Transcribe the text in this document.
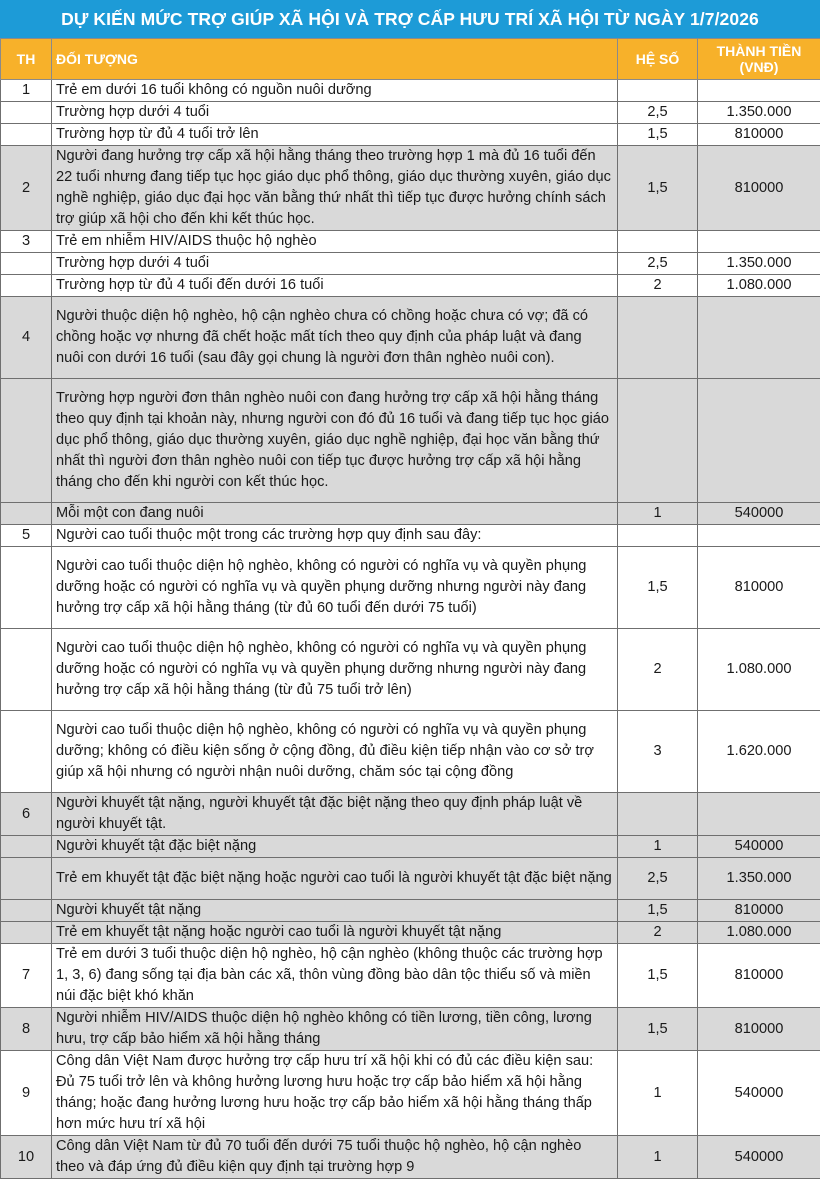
DỰ KIẾN MỨC TRỢ GIÚP XÃ HỘI VÀ TRỢ CẤP HƯU TRÍ XÃ HỘI TỪ NGÀY 1/7/2026
TH	ĐỐI TƯỢNG	HỆ SỐ	THÀNH TIỀN (VNĐ)
1	Trẻ em dưới 16 tuổi không có nguồn nuôi dưỡng		
	Trường hợp dưới 4 tuổi	2,5	1.350.000
	Trường hợp từ đủ 4 tuổi trở lên	1,5	810000
2	Người đang hưởng trợ cấp xã hội hằng tháng theo trường hợp 1 mà đủ 16 tuổi đến 22 tuổi nhưng đang tiếp tục học giáo dục phổ thông, giáo dục thường xuyên, giáo dục nghề nghiệp, giáo dục đại học văn bằng thứ nhất thì tiếp tục được hưởng chính sách trợ giúp xã hội cho đến khi kết thúc học.	1,5	810000
3	Trẻ em nhiễm HIV/AIDS thuộc hộ nghèo		
	Trường hợp dưới 4 tuổi	2,5	1.350.000
	Trường hợp từ đủ 4 tuổi đến dưới 16 tuổi	2	1.080.000
4	Người thuộc diện hộ nghèo, hộ cận nghèo chưa có chồng hoặc chưa có vợ; đã có chồng hoặc vợ nhưng đã chết hoặc mất tích theo quy định của pháp luật và đang nuôi con dưới 16 tuổi (sau đây gọi chung là người đơn thân nghèo nuôi con).		
	Trường hợp người đơn thân nghèo nuôi con đang hưởng trợ cấp xã hội hằng tháng theo quy định tại khoản này, nhưng người con đó đủ 16 tuổi và đang tiếp tục học giáo dục phổ thông, giáo dục thường xuyên, giáo dục nghề nghiệp, đại học văn bằng thứ nhất thì người đơn thân nghèo nuôi con tiếp tục được hưởng trợ cấp xã hội hằng tháng cho đến khi người con kết thúc học.		
	Mỗi một con đang nuôi	1	540000
5	Người cao tuổi thuộc một trong các trường hợp quy định sau đây:		
	Người cao tuổi thuộc diện hộ nghèo, không có người có nghĩa vụ và quyền phụng dưỡng hoặc có người có nghĩa vụ và quyền phụng dưỡng nhưng người này đang hưởng trợ cấp xã hội hằng tháng (từ đủ 60 tuổi đến dưới 75 tuổi)	1,5	810000
	Người cao tuổi thuộc diện hộ nghèo, không có người có nghĩa vụ và quyền phụng dưỡng hoặc có người có nghĩa vụ và quyền phụng dưỡng nhưng người này đang hưởng trợ cấp xã hội hằng tháng (từ đủ 75 tuổi trở lên)	2	1.080.000
	Người cao tuổi thuộc diện hộ nghèo, không có người có nghĩa vụ và quyền phụng dưỡng; không có điều kiện sống ở cộng đồng, đủ điều kiện tiếp nhận vào cơ sở trợ giúp xã hội nhưng có người nhận nuôi dưỡng, chăm sóc tại cộng đồng	3	1.620.000
6	Người khuyết tật nặng, người khuyết tật đặc biệt nặng theo quy định pháp luật về người khuyết tật.		
	Người khuyết tật đặc biệt nặng	1	540000
	Trẻ em khuyết tật đặc biệt nặng hoặc người cao tuổi là người khuyết tật đặc biệt nặng	2,5	1.350.000
	Người khuyết tật nặng	1,5	810000
	Trẻ em khuyết tật nặng hoặc người cao tuổi là người khuyết tật nặng	2	1.080.000
7	Trẻ em dưới 3 tuổi thuộc diện hộ nghèo, hộ cận nghèo (không thuộc các trường hợp 1, 3, 6) đang sống tại địa bàn các xã, thôn vùng đồng bào dân tộc thiểu số và miền núi đặc biệt khó khăn	1,5	810000
8	Người nhiễm HIV/AIDS thuộc diện hộ nghèo không có tiền lương, tiền công, lương hưu, trợ cấp bảo hiểm xã hội hằng tháng	1,5	810000
9	Công dân Việt Nam được hưởng trợ cấp hưu trí xã hội khi có đủ các điều kiện sau: Đủ 75 tuổi trở lên và không hưởng lương hưu hoặc trợ cấp bảo hiểm xã hội hằng tháng; hoặc đang hưởng lương hưu hoặc trợ cấp bảo hiểm xã hội hằng tháng thấp hơn mức hưu trí xã hội	1	540000
10	Công dân Việt Nam từ đủ 70 tuổi đến dưới 75 tuổi thuộc hộ nghèo, hộ cận nghèo theo và đáp ứng đủ điều kiện quy định tại trường hợp 9	1	540000
